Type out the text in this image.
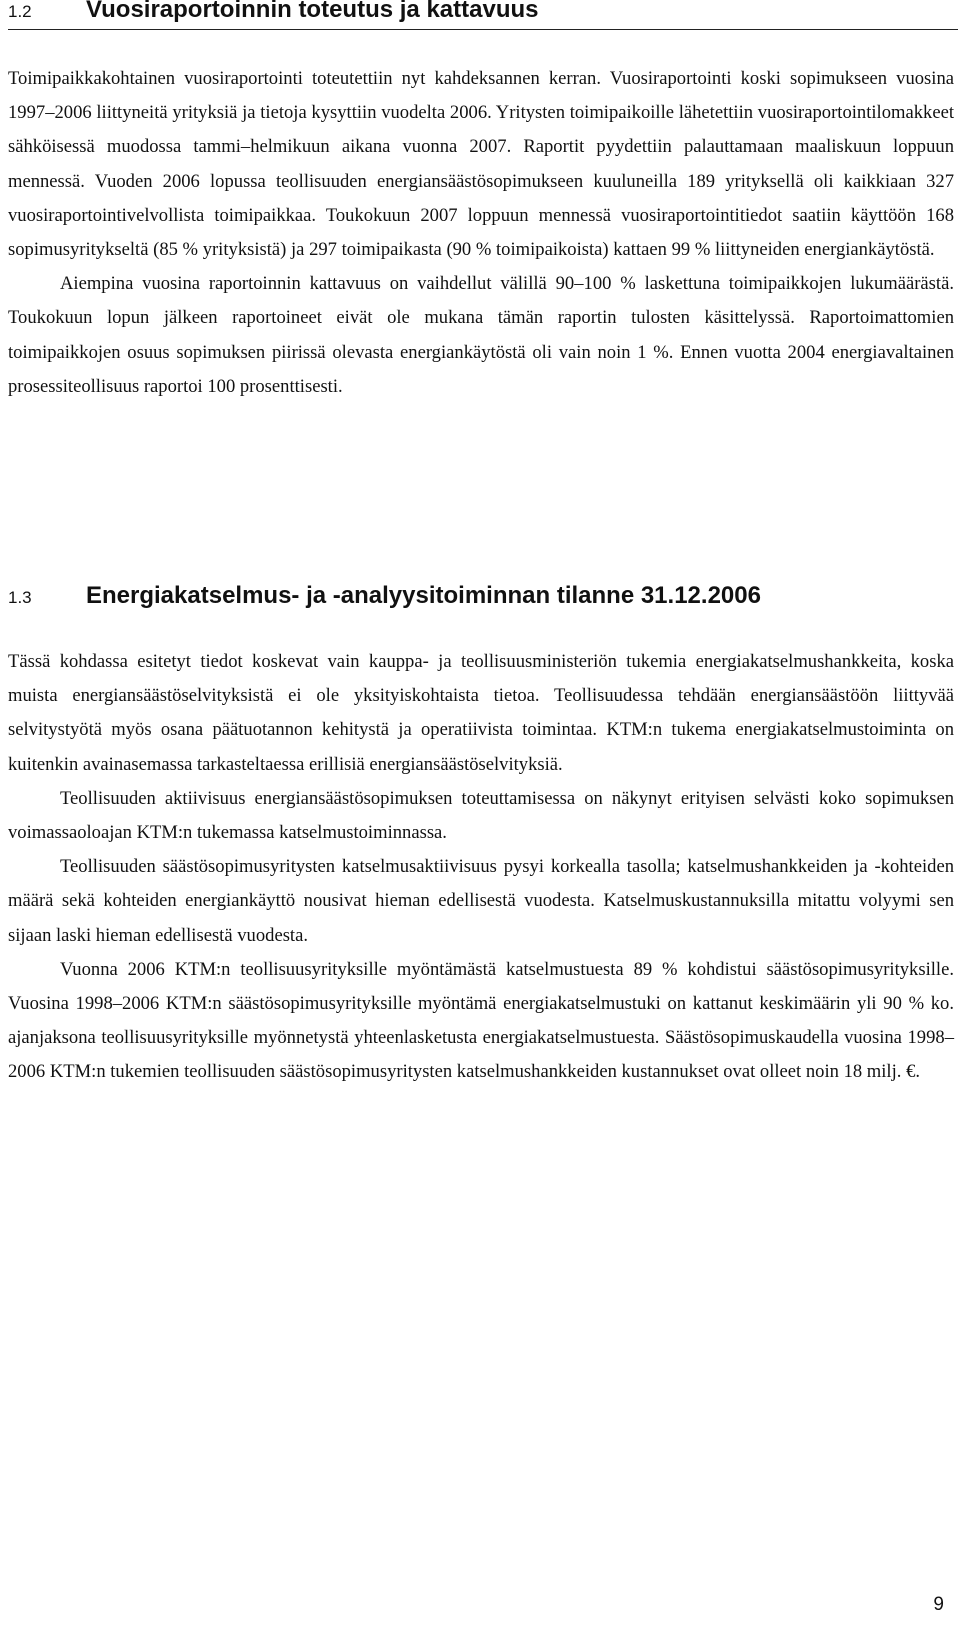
1.2	Vuosiraportoinnin toteutus ja kattavuus

Toimipaikkakohtainen vuosiraportointi toteutettiin nyt kahdeksannen kerran. Vuosiraportointi koski sopimukseen vuosina 1997–2006 liittyneitä yrityksiä ja tietoja kysyttiin vuodelta 2006. Yritysten toimipaikoille lähetettiin vuosiraportointilomakkeet sähköisessä muodossa tammi–helmikuun aikana vuonna 2007. Raportit pyydettiin palauttamaan maaliskuun loppuun mennessä. Vuoden 2006 lopussa teollisuuden energiansäästösopimukseen kuuluneilla 189 yrityksellä oli kaikkiaan 327 vuosiraportointivelvollista toimipaikkaa. Toukokuun 2007 loppuun mennessä vuosiraportointitiedot saatiin käyttöön 168 sopimusyritykseltä (85 % yrityksistä) ja 297 toimipaikasta (90 % toimipaikoista) kattaen 99 % liittyneiden energiankäytöstä.

Aiempina vuosina raportoinnin kattavuus on vaihdellut välillä 90–100 % laskettuna toimipaikkojen lukumäärästä. Toukokuun lopun jälkeen raportoineet eivät ole mukana tämän raportin tulosten käsittelyssä. Raportoimattomien toimipaikkojen osuus sopimuksen piirissä olevasta energiankäytöstä oli vain noin 1 %. Ennen vuotta 2004 energiavaltainen prosessiteollisuus raportoi 100 prosenttisesti.

1.3	Energiakatselmus- ja -analyysitoiminnan tilanne 31.12.2006

Tässä kohdassa esitetyt tiedot koskevat vain kauppa- ja teollisuusministeriön tukemia energiakatselmushankkeita, koska muista energiansäästöselvityksistä ei ole yksityiskohtaista tietoa. Teollisuudessa tehdään energiansäästöön liittyvää selvitystyötä myös osana päätuotannon kehitystä ja operatiivista toimintaa. KTM:n tukema energiakatselmustoiminta on kuitenkin avainasemassa tarkasteltaessa erillisiä energiansäästöselvityksiä.

Teollisuuden aktiivisuus energiansäästösopimuksen toteuttamisessa on näkynyt erityisen selvästi koko sopimuksen voimassaoloajan KTM:n tukemassa katselmustoiminnassa.

Teollisuuden säästösopimusyritysten katselmusaktiivisuus pysyi korkealla tasolla; katselmushankkeiden ja -kohteiden määrä sekä kohteiden energiankäyttö nousivat hieman edellisestä vuodesta. Katselmuskustannuksilla mitattu volyymi sen sijaan laski hieman edellisestä vuodesta.

Vuonna 2006 KTM:n teollisuusyrityksille myöntämästä katselmustuesta 89 % kohdistui säästösopimusyrityksille. Vuosina 1998–2006 KTM:n säästösopimusyrityksille myöntämä energiakatselmustuki on kattanut keskimäärin yli 90 % ko. ajanjaksona teollisuusyrityksille myönnetystä yhteenlasketusta energiakatselmustuesta. Säästösopimuskaudella vuosina 1998–2006 KTM:n tukemien teollisuuden säästösopimusyritysten katselmushankkeiden kustannukset ovat olleet noin 18 milj. €.

9
